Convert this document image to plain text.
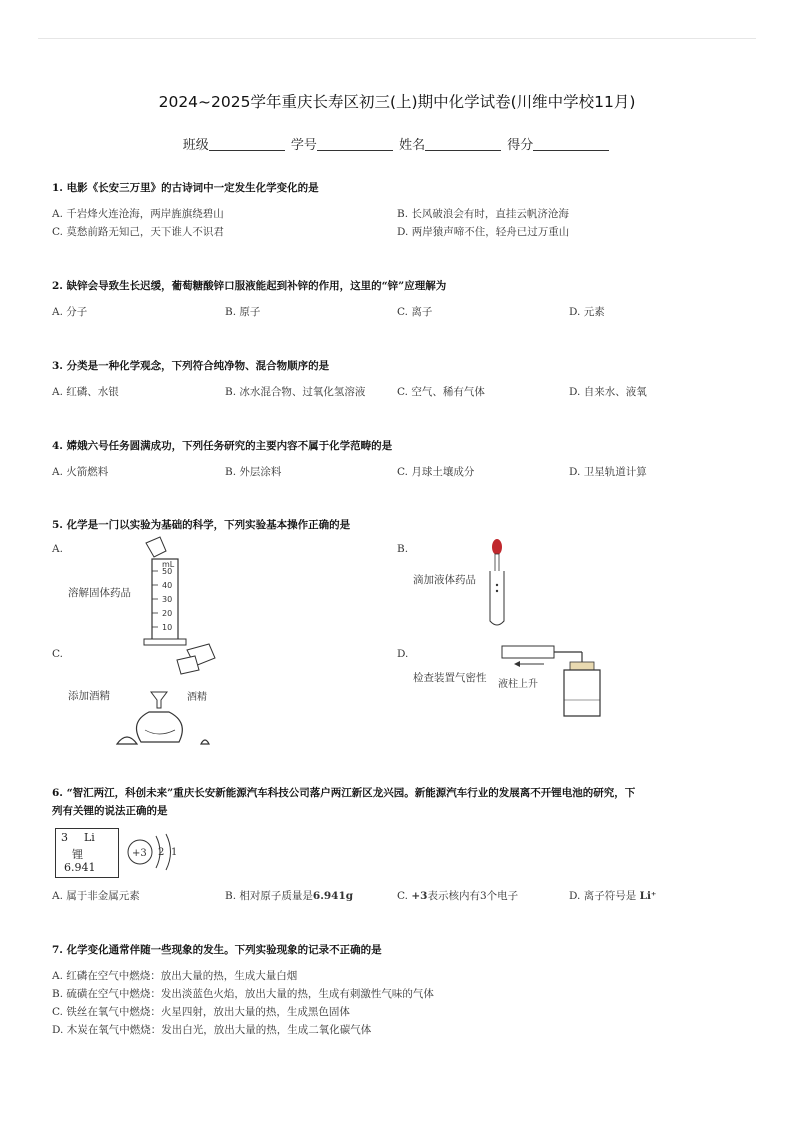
2024~2025学年重庆长寿区初三(上)期中化学试卷(川维中学校11月)
班级	学号	姓名	得分
1. 电影《长安三万里》的古诗词中一定发生化学变化的是
A. 千岩烽火连沧海，两岸旌旗绕碧山	B. 长风破浪会有时，直挂云帆济沧海
C. 莫愁前路无知己，天下谁人不识君	D. 两岸猿声啼不住，轻舟已过万重山
2. 缺锌会导致生长迟缓，葡萄糖酸锌口服液能起到补锌的作用，这里的“锌”应理解为
A. 分子	B. 原子	C. 离子	D. 元素
3. 分类是一种化学观念，下列符合纯净物、混合物顺序的是
A. 红磷、水银	B. 冰水混合物、过氧化氢溶液	C. 空气、稀有气体	D. 自来水、液氧
4. 嫦娥六号任务圆满成功，下列任务研究的主要内容不属于化学范畴的是
A. 火箭燃料	B. 外层涂料	C. 月球土壤成分	D. 卫星轨道计算
5. 化学是一门以实验为基础的科学，下列实验基本操作正确的是
A.	B.
C.	D.
溶解固体药品
滴加液体药品
添加酒精
检查装置气密性
mL
50
40
30
20
10
酒精
液柱上升
6. “智汇两江，科创未来”重庆长安新能源汽车科技公司落户两江新区龙兴园。新能源汽车行业的发展离不开锂电池的研究，下
列有关锂的说法正确的是
3 Li
锂
6.941
+3 2 1
A. 属于非金属元素	B. 相对原子质量是6.941g	C. +3表示核内有3个电子	D. 离子符号是 Li⁺
7. 化学变化通常伴随一些现象的发生。下列实验现象的记录不正确的是
A. 红磷在空气中燃烧：放出大量的热，生成大量白烟
B. 硫磺在空气中燃烧：发出淡蓝色火焰，放出大量的热，生成有刺激性气味的气体
C. 铁丝在氧气中燃烧：火星四射，放出大量的热，生成黑色固体
D. 木炭在氧气中燃烧：发出白光，放出大量的热，生成二氧化碳气体
